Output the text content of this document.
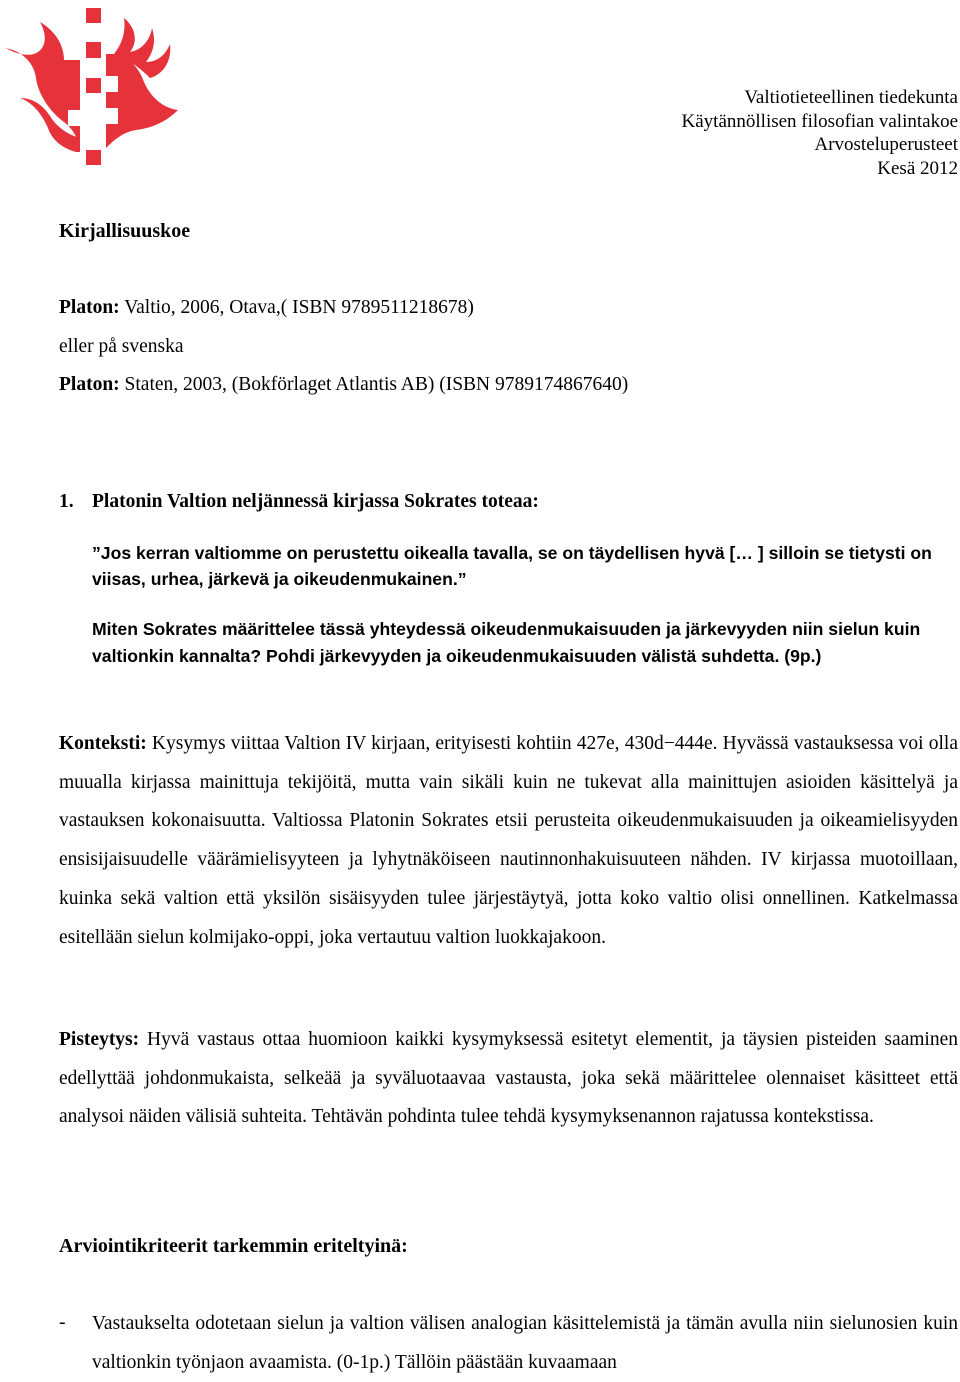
Valtiotieteellinen tiedekunta
Käytännöllisen filosofian valintakoe
Arvosteluperusteet
Kesä 2012
Kirjallisuuskoe
Platon: Valtio, 2006, Otava,( ISBN 9789511218678)
eller på svenska
Platon: Staten, 2003, (Bokförlaget Atlantis AB) (ISBN 9789174867640)
1. Platonin Valtion neljännessä kirjassa Sokrates toteaa:
”Jos kerran valtiomme on perustettu oikealla tavalla, se on täydellisen hyvä [… ] silloin se tietysti on viisas, urhea, järkevä ja oikeudenmukainen.”
Miten Sokrates määrittelee tässä yhteydessä oikeudenmukaisuuden ja järkevyyden niin sielun kuin valtionkin kannalta? Pohdi järkevyyden ja oikeudenmukaisuuden välistä suhdetta. (9p.)
Konteksti: Kysymys viittaa Valtion IV kirjaan, erityisesti kohtiin 427e, 430d−444e. Hyvässä vastauksessa voi olla muualla kirjassa mainittuja tekijöitä, mutta vain sikäli kuin ne tukevat alla mainittujen asioiden käsittelyä ja vastauksen kokonaisuutta. Valtiossa Platonin Sokrates etsii perusteita oikeudenmukaisuuden ja oikeamielisyyden ensisijaisuudelle väärämielisyyteen ja lyhytnäköiseen nautinnonhakuisuuteen nähden. IV kirjassa muotoillaan, kuinka sekä valtion että yksilön sisäisyyden tulee järjestäytyä, jotta koko valtio olisi onnellinen. Katkelmassa esitellään sielun kolmijako-oppi, joka vertautuu valtion luokkajakoon.
Pisteytys: Hyvä vastaus ottaa huomioon kaikki kysymyksessä esitetyt elementit, ja täysien pisteiden saaminen edellyttää johdonmukaista, selkeää ja syväluotaavaa vastausta, joka sekä määrittelee olennaiset käsitteet että analysoi näiden välisiä suhteita. Tehtävän pohdinta tulee tehdä kysymyksenannon rajatussa kontekstissa.
Arviointikriteerit tarkemmin eriteltyinä:
- Vastaukselta odotetaan sielun ja valtion välisen analogian käsittelemistä ja tämän avulla niin sielunosien kuin valtionkin työnjaon avaamista. (0-1p.) Tällöin päästään kuvaamaan
